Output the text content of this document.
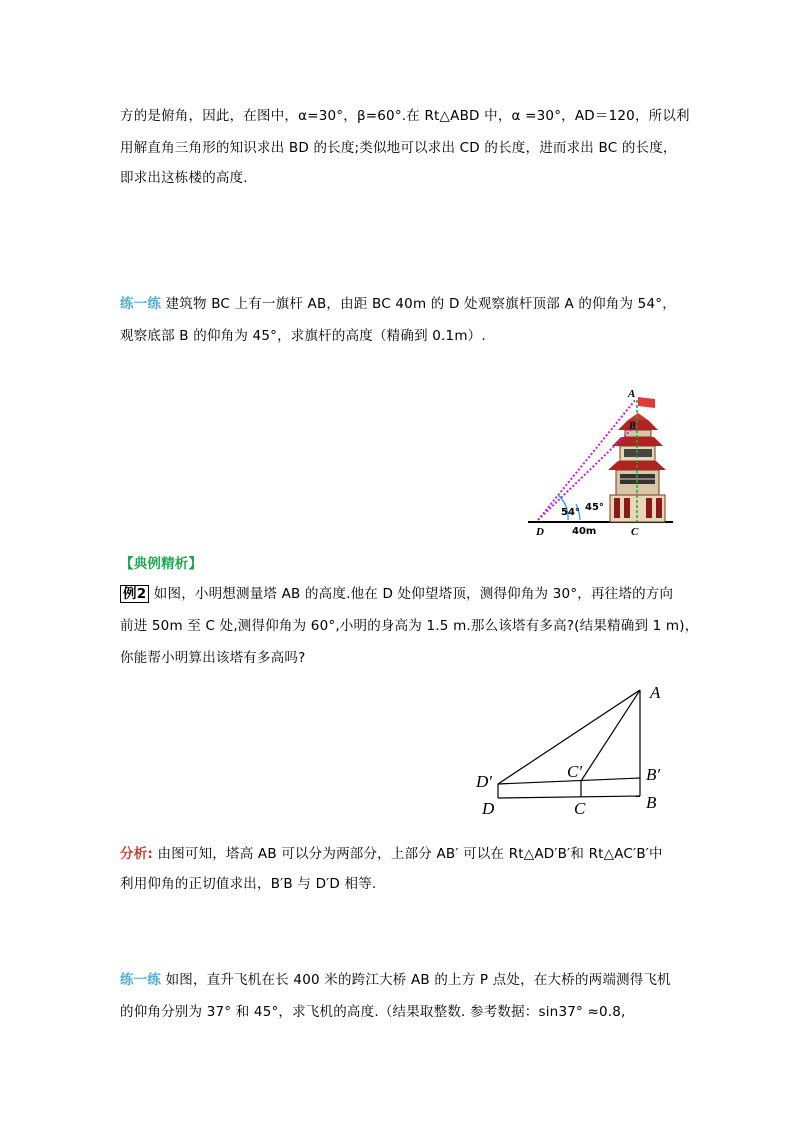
方的是俯角，因此，在图中，α=30°，β=60°.在 Rt△ABD 中，α =30°，AD＝120，所以利
用解直角三角形的知识求出 BD 的长度;类似地可以求出 CD 的长度，进而求出 BC 的长度，
即求出这栋楼的高度.
练一练 建筑物 BC 上有一旗杆 AB，由距 BC 40m 的 D 处观察旗杆顶部 A 的仰角为 54°，
观察底部 B 的仰角为 45°，求旗杆的高度（精确到 0.1m）.
A
B
C
D
54° 45°
40m
【典例精析】
例2 如图，小明想测量塔 AB 的高度.他在 D 处仰望塔顶，测得仰角为 30°，再往塔的方向
前进 50m 至 C 处,测得仰角为 60°,小明的身高为 1.5 m.那么该塔有多高?(结果精确到 1 m)，
你能帮小明算出该塔有多高吗?
A
B′
B
C′
C
D′
D
分析: 由图可知，塔高 AB 可以分为两部分，上部分 AB′ 可以在 Rt△AD′B′和 Rt△AC′B′中
利用仰角的正切值求出，B′B 与 D′D 相等.
练一练 如图，直升飞机在长 400 米的跨江大桥 AB 的上方 P 点处，在大桥的两端测得飞机
的仰角分别为 37° 和 45°，求飞机的高度.（结果取整数. 参考数据：sin37° ≈0.8,
